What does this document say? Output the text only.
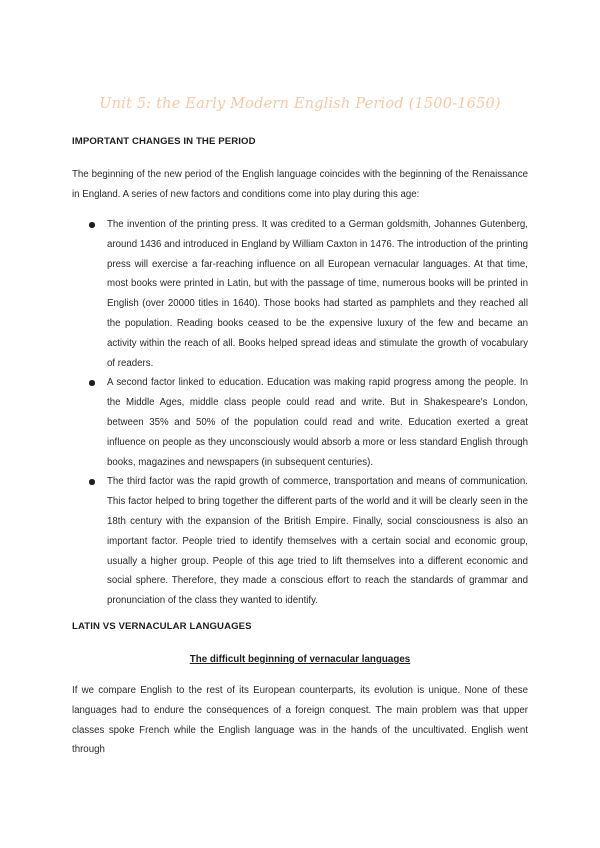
Unit 5: the Early Modern English Period (1500-1650)
IMPORTANT CHANGES IN THE PERIOD

The beginning of the new period of the English language coincides with the beginning of the Renaissance in England. A series of new factors and conditions come into play during this age:

The invention of the printing press. It was credited to a German goldsmith, Johannes Gutenberg, around 1436 and introduced in England by William Caxton in 1476. The introduction of the printing press will exercise a far-reaching influence on all European vernacular languages. At that time, most books were printed in Latin, but with the passage of time, numerous books will be printed in English (over 20000 titles in 1640). Those books had started as pamphlets and they reached all the population. Reading books ceased to be the expensive luxury of the few and became an activity within the reach of all. Books helped spread ideas and stimulate the growth of vocabulary of readers.
A second factor linked to education. Education was making rapid progress among the people. In the Middle Ages, middle class people could read and write. But in Shakespeare's London, between 35% and 50% of the population could read and write. Education exerted a great influence on people as they unconsciously would absorb a more or less standard English through books, magazines and newspapers (in subsequent centuries).
The third factor was the rapid growth of commerce, transportation and means of communication. This factor helped to bring together the different parts of the world and it will be clearly seen in the 18th century with the expansion of the British Empire. Finally, social consciousness is also an important factor. People tried to identify themselves with a certain social and economic group, usually a higher group. People of this age tried to lift themselves into a different economic and social sphere. Therefore, they made a conscious effort to reach the standards of grammar and pronunciation of the class they wanted to identify.
LATIN VS VERNACULAR LANGUAGES
The difficult beginning of vernacular languages

If we compare English to the rest of its European counterparts, its evolution is unique. None of these languages had to endure the consequences of a foreign conquest. The main problem was that upper classes spoke French while the English language was in the hands of the uncultivated. English went through
